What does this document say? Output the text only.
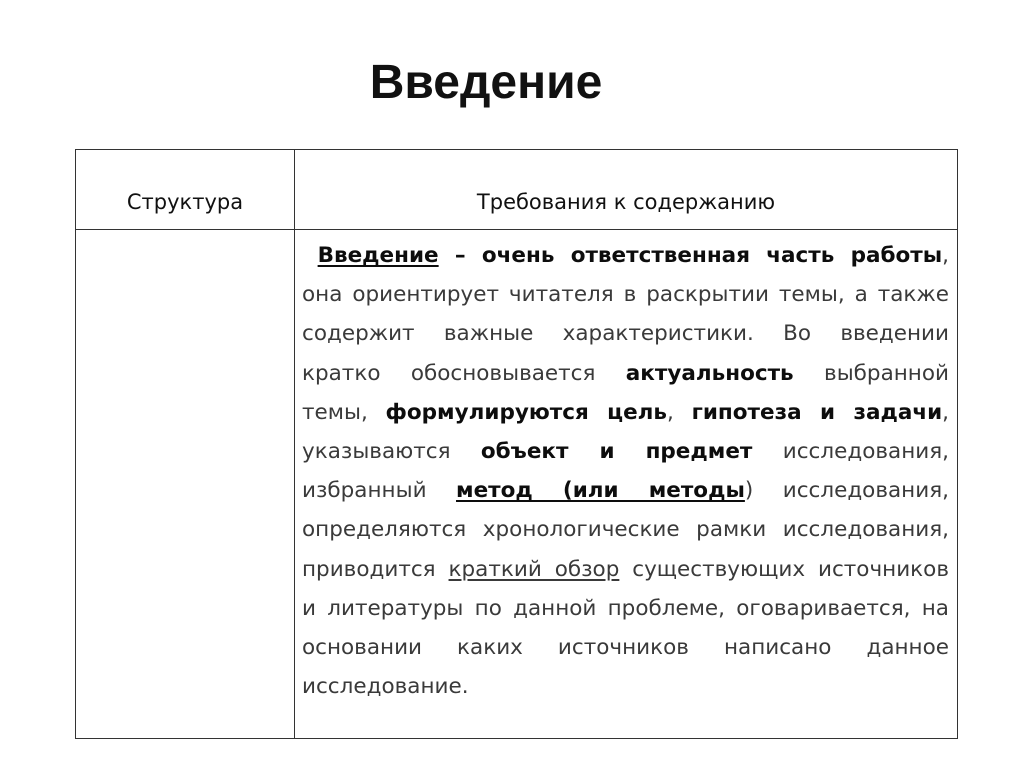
Введение
Структура	Требования к содержанию

	Введение – очень ответственная часть работы, она ориентирует читателя в раскрытии темы, а также содержит важные характеристики. Во введении кратко обосновывается актуальность выбранной темы, формулируются цель, гипотеза и задачи, указываются объект и предмет исследования, избранный метод (или методы) исследования, определяются хронологические рамки исследования, приводится краткий обзор существующих источников и литературы по данной проблеме, оговаривается, на основании каких источников написано данное исследование.
